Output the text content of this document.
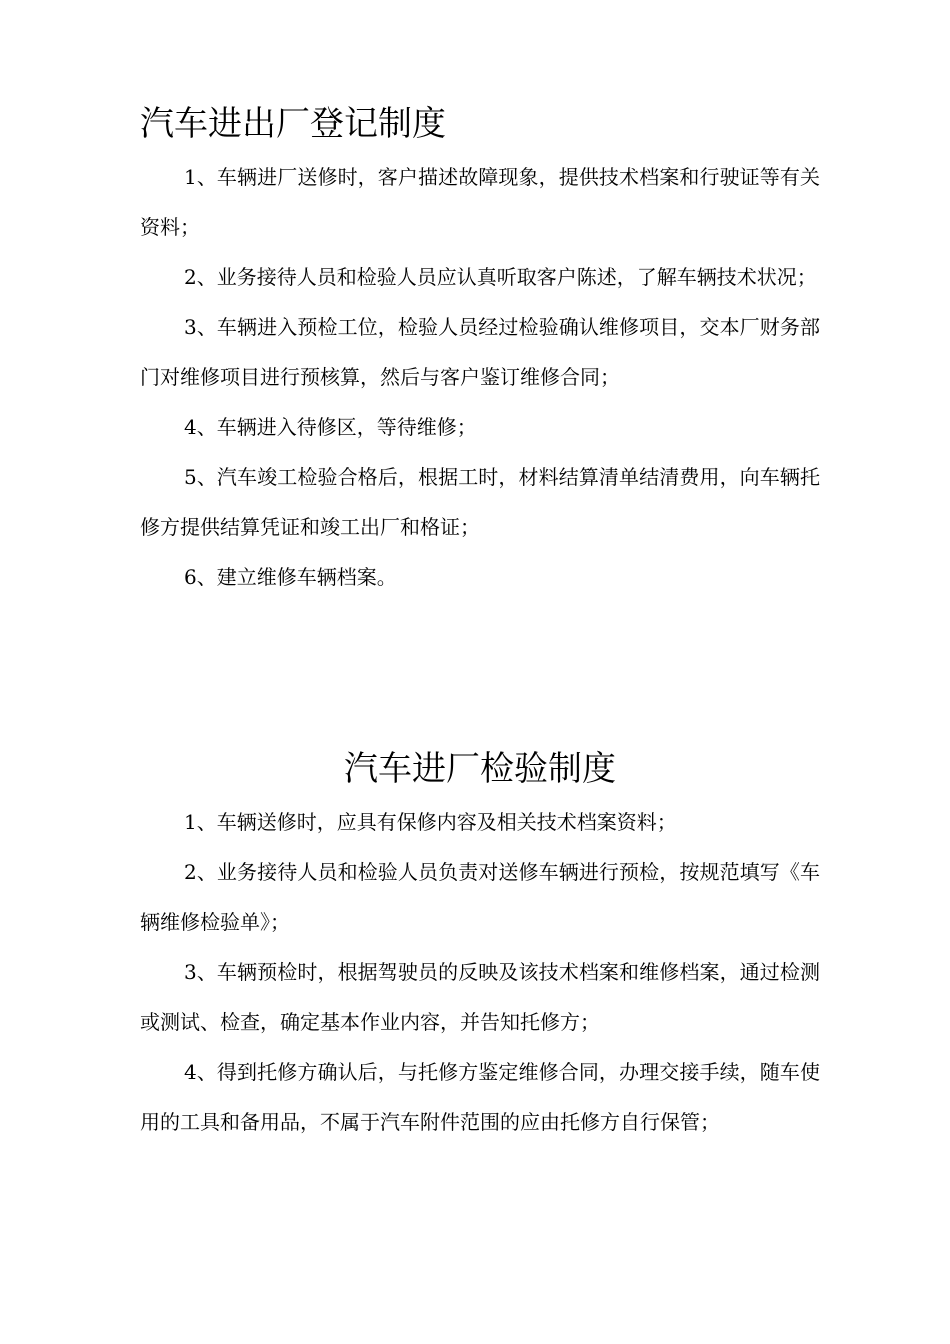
汽车进出厂登记制度

1、车辆进厂送修时，客户描述故障现象，提供技术档案和行驶证等有关资料；

2、业务接待人员和检验人员应认真听取客户陈述，了解车辆技术状况；

3、车辆进入预检工位，检验人员经过检验确认维修项目，交本厂财务部门对维修项目进行预核算，然后与客户鉴订维修合同；

4、车辆进入待修区，等待维修；

5、汽车竣工检验合格后，根据工时，材料结算清单结清费用，向车辆托修方提供结算凭证和竣工出厂和格证；

6、建立维修车辆档案。

汽车进厂检验制度

1、车辆送修时，应具有保修内容及相关技术档案资料；

2、业务接待人员和检验人员负责对送修车辆进行预检，按规范填写《车辆维修检验单》；

3、车辆预检时，根据驾驶员的反映及该技术档案和维修档案，通过检测或测试、检查，确定基本作业内容，并告知托修方；

4、得到托修方确认后，与托修方鉴定维修合同，办理交接手续，随车使用的工具和备用品，不属于汽车附件范围的应由托修方自行保管；
